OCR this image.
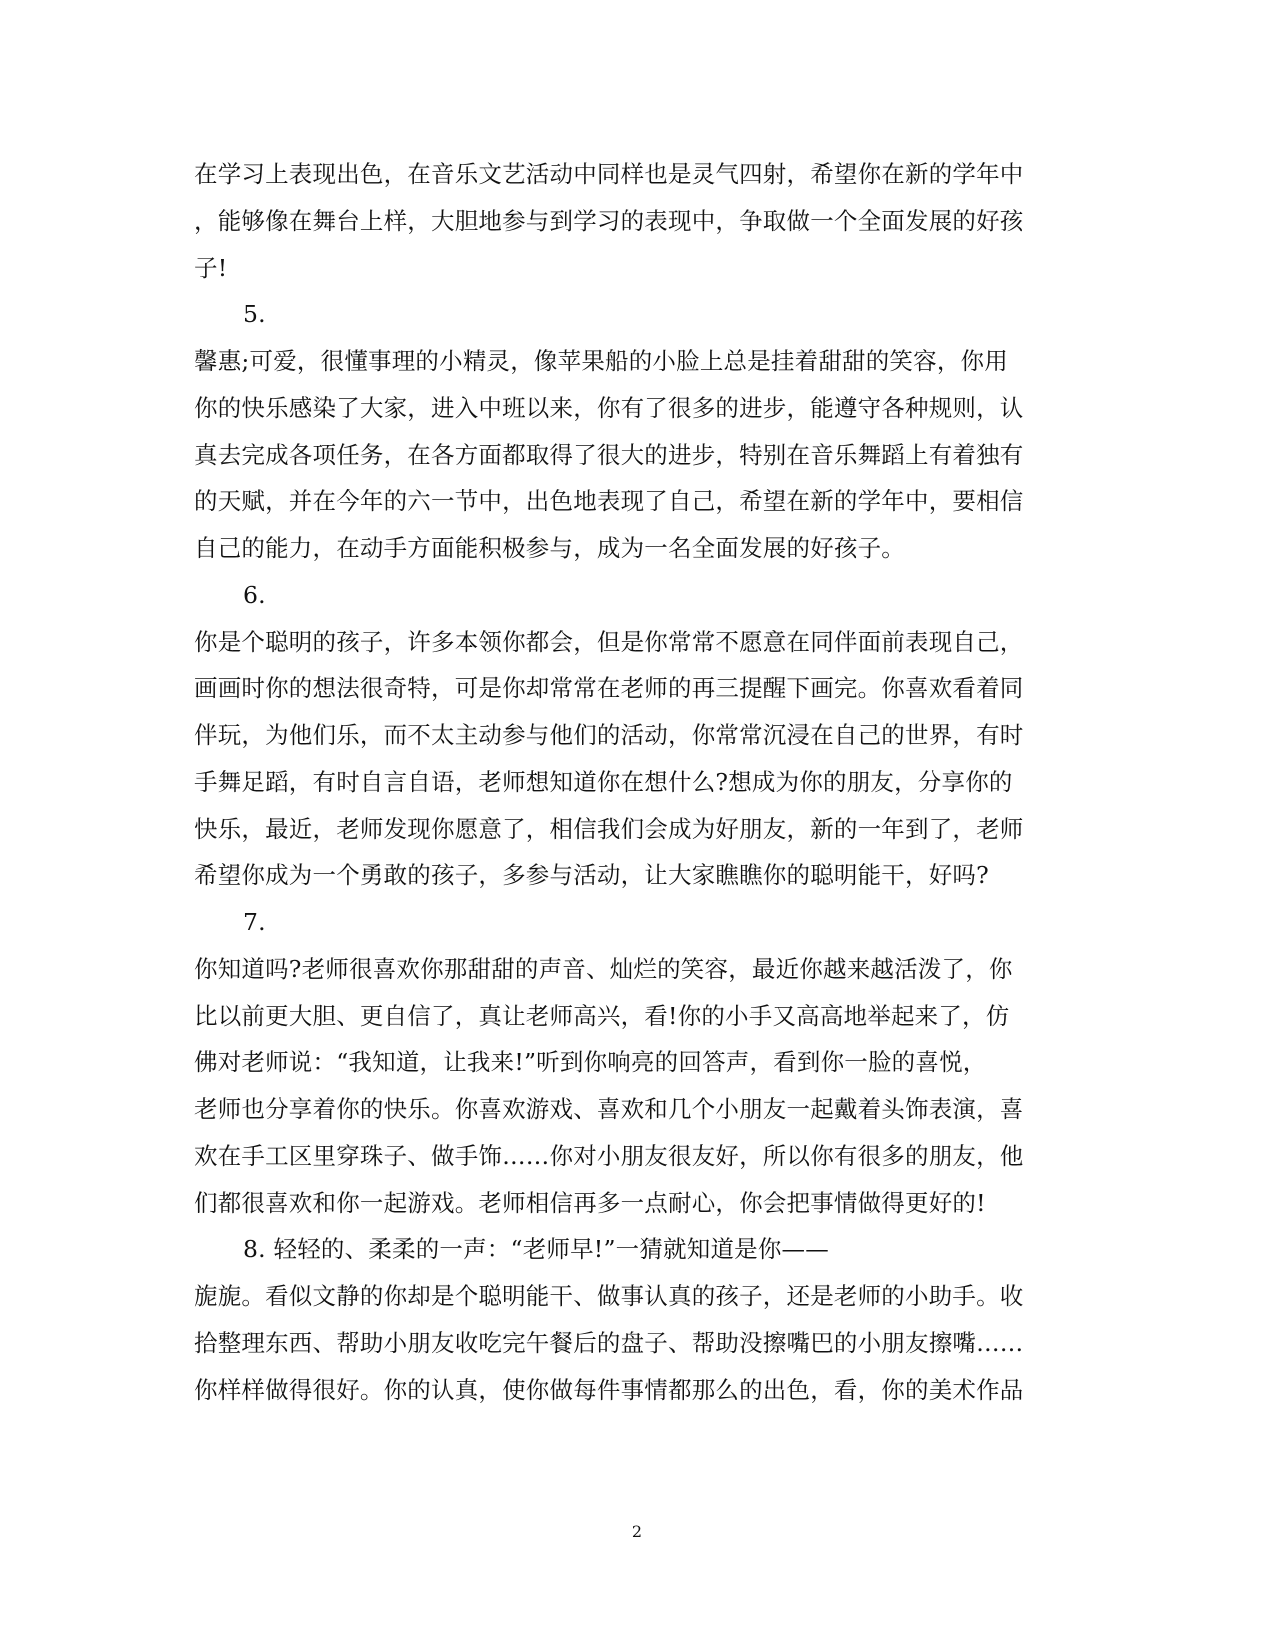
在学习上表现出色，在音乐文艺活动中同样也是灵气四射，希望你在新的学年中
，能够像在舞台上样，大胆地参与到学习的表现中，争取做一个全面发展的好孩
子!
5.
馨惠;可爱，很懂事理的小精灵，像苹果船的小脸上总是挂着甜甜的笑容，你用
你的快乐感染了大家，进入中班以来，你有了很多的进步，能遵守各种规则，认
真去完成各项任务，在各方面都取得了很大的进步，特别在音乐舞蹈上有着独有
的天赋，并在今年的六一节中，出色地表现了自己，希望在新的学年中，要相信
自己的能力，在动手方面能积极参与，成为一名全面发展的好孩子。
6.
你是个聪明的孩子，许多本领你都会，但是你常常不愿意在同伴面前表现自己，
画画时你的想法很奇特，可是你却常常在老师的再三提醒下画完。你喜欢看着同
伴玩，为他们乐，而不太主动参与他们的活动，你常常沉浸在自己的世界，有时
手舞足蹈，有时自言自语，老师想知道你在想什么?想成为你的朋友，分享你的
快乐，最近，老师发现你愿意了，相信我们会成为好朋友，新的一年到了，老师
希望你成为一个勇敢的孩子，多参与活动，让大家瞧瞧你的聪明能干，好吗?
7.
你知道吗?老师很喜欢你那甜甜的声音、灿烂的笑容，最近你越来越活泼了，你
比以前更大胆、更自信了，真让老师高兴，看!你的小手又高高地举起来了，仿
佛对老师说：“我知道，让我来!”听到你响亮的回答声，看到你一脸的喜悦，
老师也分享着你的快乐。你喜欢游戏、喜欢和几个小朋友一起戴着头饰表演，喜
欢在手工区里穿珠子、做手饰……你对小朋友很友好，所以你有很多的朋友，他
们都很喜欢和你一起游戏。老师相信再多一点耐心，你会把事情做得更好的!
8. 轻轻的、柔柔的一声：“老师早!”一猜就知道是你——
旎旎。看似文静的你却是个聪明能干、做事认真的孩子，还是老师的小助手。收
拾整理东西、帮助小朋友收吃完午餐后的盘子、帮助没擦嘴巴的小朋友擦嘴……
你样样做得很好。你的认真，使你做每件事情都那么的出色，看，你的美术作品
2
